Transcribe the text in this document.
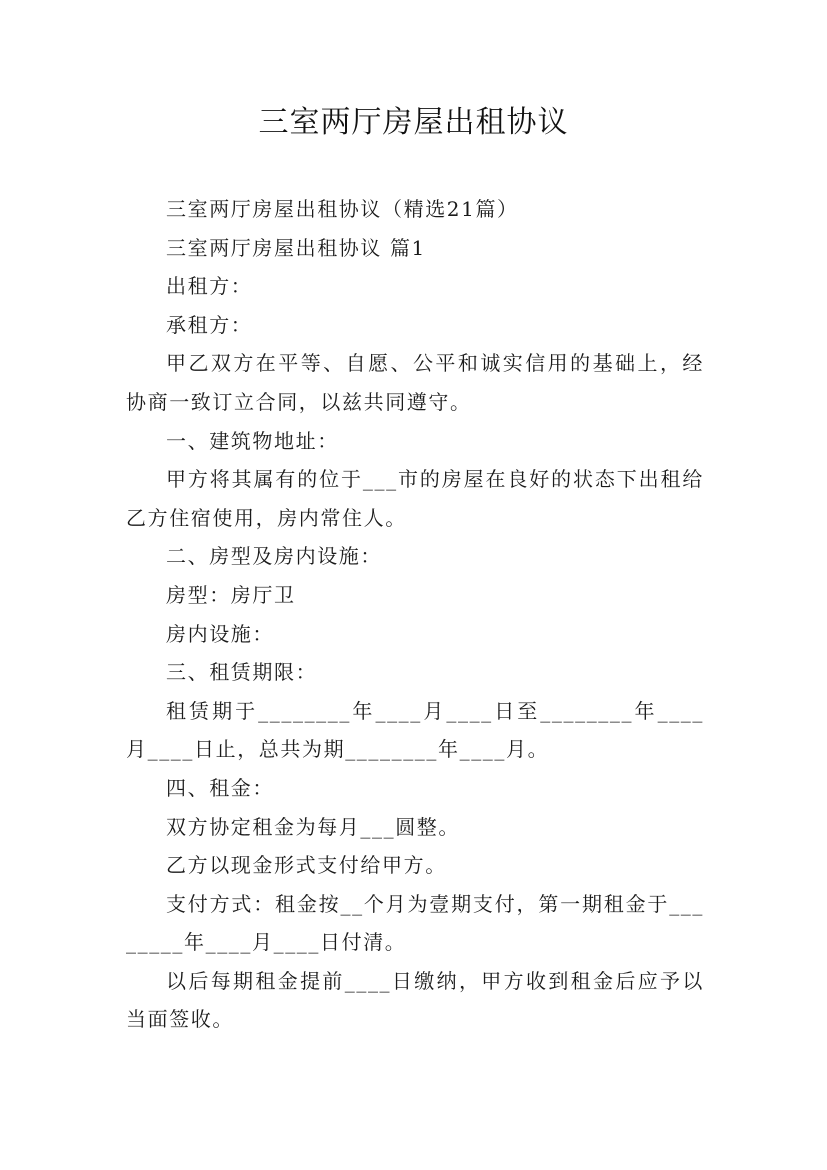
三室两厅房屋出租协议

三室两厅房屋出租协议（精选21篇）

三室两厅房屋出租协议 篇1

出租方：

承租方：

甲乙双方在平等、自愿、公平和诚实信用的基础上，经协商一致订立合同，以兹共同遵守。

一、建筑物地址：

甲方将其属有的位于___市的房屋在良好的状态下出租给乙方住宿使用，房内常住人。

二、房型及房内设施：

房型：房厅卫

房内设施：

三、租赁期限：

租赁期于________年____月____日至________年____月____日止，总共为期________年____月。

四、租金：

双方协定租金为每月___圆整。

乙方以现金形式支付给甲方。

支付方式：租金按__个月为壹期支付，第一期租金于________年____月____日付清。

以后每期租金提前____日缴纳，甲方收到租金后应予以当面签收。
